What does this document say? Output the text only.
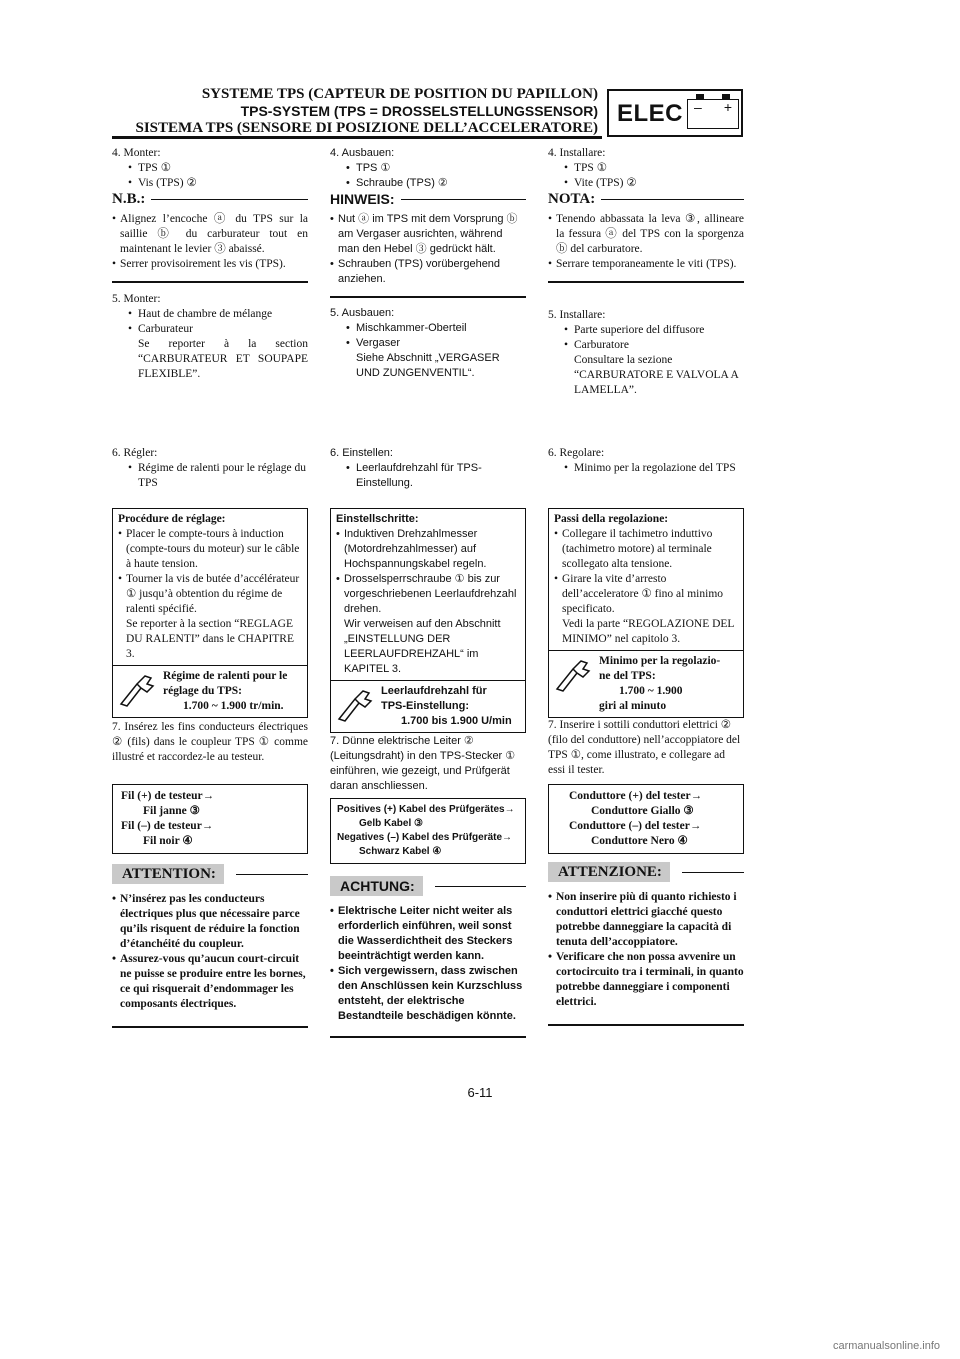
SYSTEME TPS (CAPTEUR DE POSITION DU PAPILLON)
TPS-SYSTEM (TPS = DROSSELSTELLUNGSSENSOR)
SISTEMA TPS (SENSORE DI POSIZIONE DELL’ACCELERATORE)
ELEC – +
4. Monter:
• TPS ①
• Vis (TPS) ②
N.B.:
• Alignez l’encoche ⓐ du TPS sur la saillie ⓑ du carburateur tout en maintenant le levier ③ abaissé.
• Serrer provisoirement les vis (TPS).
5. Monter:
• Haut de chambre de mélange
• Carburateur
Se reporter à la section “CARBURATEUR ET SOUPAPE FLEXIBLE”.
6. Régler:
• Régime de ralenti pour le réglage du TPS
Procédure de réglage:
• Placer le compte-tours à induction (compte-tours du moteur) sur le câble à haute tension.
• Tourner la vis de butée d’accélérateur ① jusqu’à obtention du régime de ralenti spécifié.
Se reporter à la section “REGLAGE DU RALENTI” dans le CHAPITRE 3.
Régime de ralenti pour le
réglage du TPS:
1.700 ~ 1.900 tr/min.
7. Insérez les fins conducteurs électriques ② (fils) dans le coupleur TPS ① comme illustré et raccordez-le au testeur.
Fil (+) de testeur→
Fil janne ③
Fil (–) de testeur→
Fil noir ④
ATTENTION:
• N’insérez pas les conducteurs électriques plus que nécessaire parce qu’ils risquent de réduire la fonction d’étanchéité du coupleur.
• Assurez-vous qu’aucun court-circuit ne puisse se produire entre les bornes, ce qui risquerait d’endommager les composants électriques.
4. Ausbauen:
• TPS ①
• Schraube (TPS) ②
HINWEIS:
• Nut ⓐ im TPS mit dem Vorsprung ⓑ am Vergaser ausrichten, während man den Hebel ③ gedrückt hält.
• Schrauben (TPS) vorübergehend anziehen.
5. Ausbauen:
• Mischkammer-Oberteil
• Vergaser
Siehe Abschnitt „VERGASER UND ZUNGENVENTIL“.
6. Einstellen:
• Leerlaufdrehzahl für TPS-Einstellung.
Einstellschritte:
• Induktiven Drehzahlmesser (Motordrehzahlmesser) auf Hochspannungskabel regeln.
• Drosselsperrschraube ① bis zur vorgeschriebenen Leerlaufdrehzahl drehen.
Wir verweisen auf den Abschnitt „EINSTELLUNG DER LEERLAUFDREHZAHL“ im KAPITEL 3.
Leerlaufdrehzahl für
TPS-Einstellung:
1.700 bis 1.900 U/min
7. Dünne elektrische Leiter ② (Leitungsdraht) in den TPS-Stecker ① einführen, wie gezeigt, und Prüfgerät daran anschliessen.
Positives (+) Kabel des Prüfgerätes→
Gelb Kabel ③
Negatives (–) Kabel des Prüfgeräte→
Schwarz Kabel ④
ACHTUNG:
• Elektrische Leiter nicht weiter als erforderlich einführen, weil sonst die Wasserdichtheit des Steckers beeinträchtigt werden kann.
• Sich vergewissern, dass zwischen den Anschlüssen kein Kurzschluss entsteht, der elektrische Bestandteile beschädigen könnte.
4. Installare:
• TPS ①
• Vite (TPS) ②
NOTA:
• Tenendo abbassata la leva ③, allineare la fessura ⓐ del TPS con la sporgenza ⓑ del carburatore.
• Serrare temporaneamente le viti (TPS).
5. Installare:
• Parte superiore del diffusore
• Carburatore
Consultare la sezione “CARBURATORE E VALVOLA A LAMELLA”.
6. Regolare:
• Minimo per la regolazione del TPS
Passi della regolazione:
• Collegare il tachimetro induttivo (tachimetro motore) al terminale scollegato alta tensione.
• Girare la vite d’arresto dell’acceleratore ① fino al minimo specificato.
Vedi la parte “REGOLAZIONE DEL MINIMO” nel capitolo 3.
Minimo per la regolazio-
ne del TPS:
1.700 ~ 1.900
giri al minuto
7. Inserire i sottili conduttori elettrici ② (filo del conduttore) nell’accoppiatore del TPS ①, come illustrato, e collegare ad essi il tester.
Conduttore (+) del tester→
Conduttore Giallo ③
Conduttore (–) del tester→
Conduttore Nero ④
ATTENZIONE:
• Non inserire più di quanto richiesto i conduttori elettrici giacché questo potrebbe danneggiare la capacità di tenuta dell’accoppiatore.
• Verificare che non possa avvenire un cortocircuito tra i terminali, in quanto potrebbe danneggiare i componenti elettrici.
6-11
carmanualsonline.info
